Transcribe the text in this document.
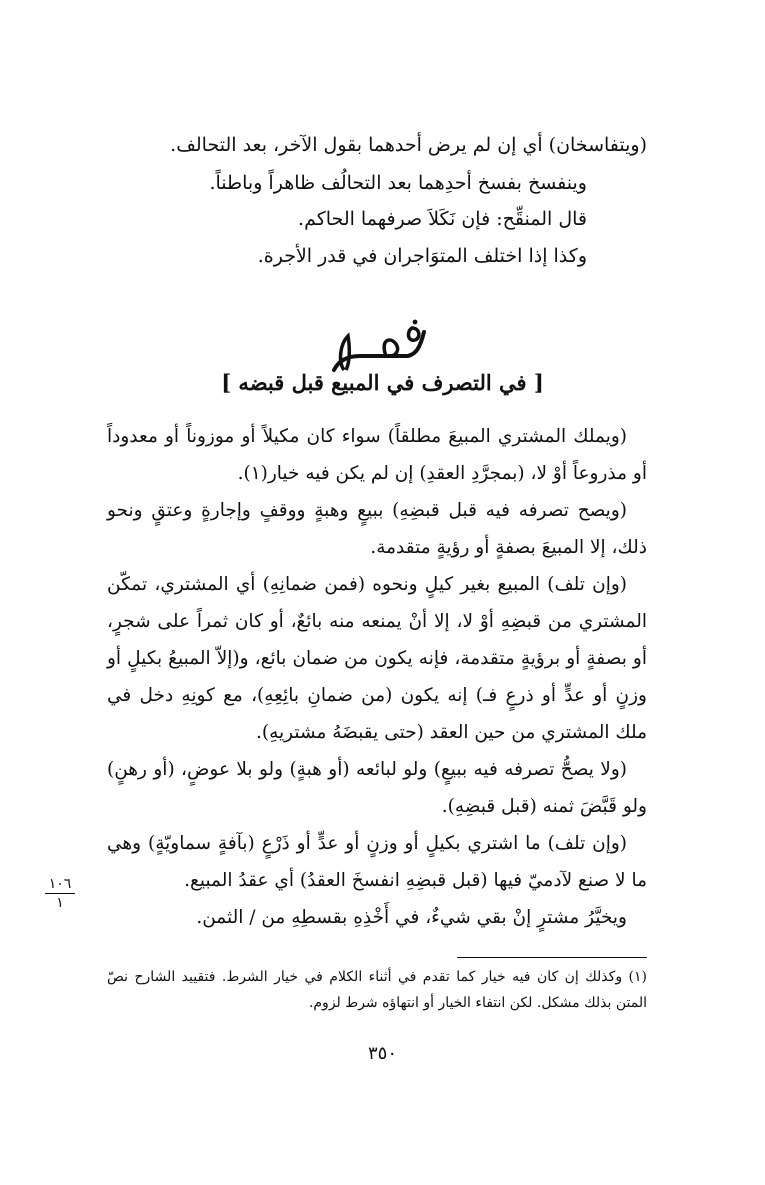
(ويتفاسخان) أي إن لم يرض أحدهما بقول الآخر، بعد التحالف.
وينفسخ بفسخ أحدِهما بعد التحالُف ظاهراً وباطناً.
قال المنقِّح: فإن نَكَلاَ صرفهما الحاكم.
وكذا إذا اختلف المتوَاجران في قدر الأجرة.
[ في التصرف في المبيع قبل قبضه ]

(ويملك المشتري المبيعَ مطلقاً) سواء كان مكيلاً أو موزوناً أو معدوداً أو مذروعاً أوْ لا، (بمجرَّدِ العقدِ) إن لم يكن فيه خيار(١).

(ويصح تصرفه فيه قبل قبضِهِ) ببيعٍ وهبةٍ ووقفٍ وإجارةٍ وعتقٍ ونحو ذلك، إلا المبيعَ بصفةٍ أو رؤيةٍ متقدمة.

(وإن تلف) المبيع بغير كيلٍ ونحوه (فمن ضمانِهِ) أي المشتري، تمكّن المشتري من قبضِهِ أوْ لا، إلا أنْ يمنعه منه بائعٌ، أو كان ثمراً على شجرٍ، أو بصفةٍ أو برؤيةٍ متقدمة، فإنه يكون من ضمان بائع، و(إلاّ المبيعُ بكيلٍ أو وزنٍ أو عدٍّ أو ذرعٍ فـ) إنه يكون (من ضمانِ بائِعِهِ)، مع كونِهِ دخل في ملك المشتري من حين العقد (حتى يقبضَهُ مشتريهِ).

(ولا يصحُّ تصرفه فيه ببيعٍ) ولو لبائعه (أو هبةٍ) ولو بلا عوضٍ، (أو رهنٍ) ولو قَبَّضَ ثمنه (قبل قبضِهِ).

(وإن تلف) ما اشتري بكيلٍ أو وزنٍ أو عدٍّ أو ذَرْعٍ (بآفةٍ سماويّةٍ) وهي ما لا صنع لآدميّ فيها (قبل قبضِهِ انفسخَ العقدُ) أي عقدُ المبيع.

ويخيَّرُ مشترٍ إنْ بقي شيءٌ، في أَخْذِهِ بقسطِهِ من / الثمن.

١٠٦
١
(١) وكذلك إن كان فيه خيار كما تقدم في أثناء الكلام في خيار الشرط. فتقييد الشارح نصّ المتن بذلك مشكل. لكن انتفاء الخيار أو انتهاؤه شرط لزوم.
٣٥٠
